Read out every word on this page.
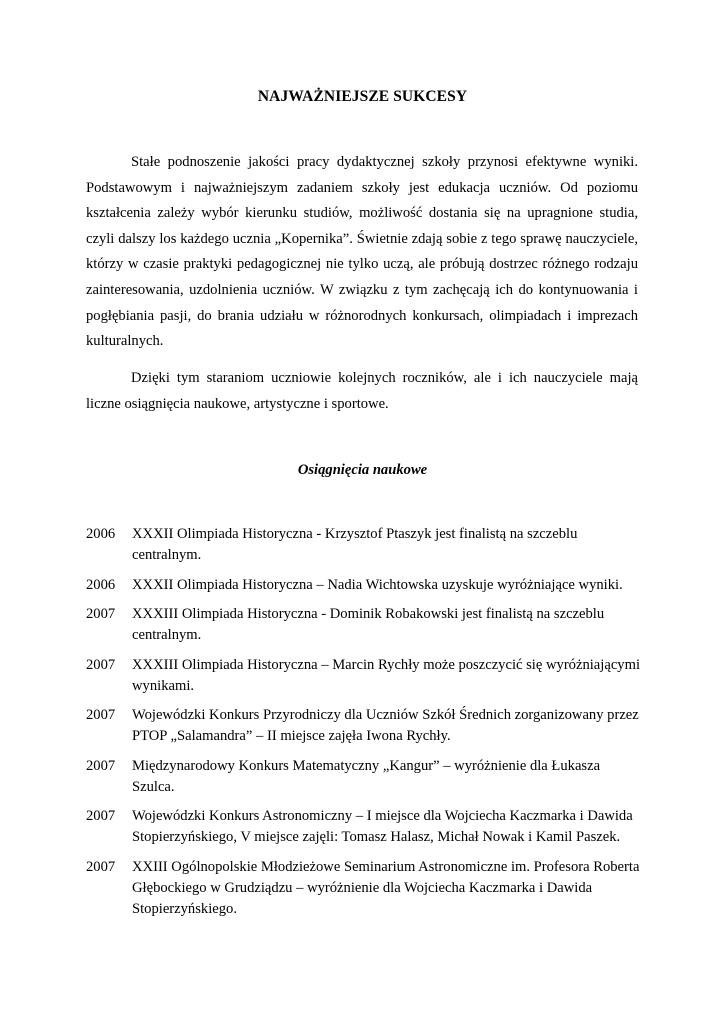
NAJWAŻNIEJSZE SUKCESY

Stałe podnoszenie jakości pracy dydaktycznej szkoły przynosi efektywne wyniki. Podstawowym i najważniejszym zadaniem szkoły jest edukacja uczniów. Od poziomu kształcenia zależy wybór kierunku studiów, możliwość dostania się na upragnione studia, czyli dalszy los każdego ucznia „Kopernika”. Świetnie zdają sobie z tego sprawę nauczyciele, którzy w czasie praktyki pedagogicznej nie tylko uczą, ale próbują dostrzec różnego rodzaju zainteresowania, uzdolnienia uczniów. W związku z tym zachęcają ich do kontynuowania i pogłębiania pasji, do brania udziału w różnorodnych konkursach, olimpiadach i imprezach kulturalnych.

Dzięki tym staraniom uczniowie kolejnych roczników, ale i ich nauczyciele mają liczne osiągnięcia naukowe, artystyczne i sportowe.

Osiągnięcia naukowe
2006	XXXII Olimpiada Historyczna - Krzysztof Ptaszyk jest finalistą na szczeblu centralnym.
2006	XXXII Olimpiada Historyczna – Nadia Wichtowska uzyskuje wyróżniające wyniki.
2007	XXXIII Olimpiada Historyczna - Dominik Robakowski jest finalistą na szczeblu centralnym.
2007	XXXIII Olimpiada Historyczna – Marcin Rychły może poszczycić się wyróżniającymi wynikami.
2007	Wojewódzki Konkurs Przyrodniczy dla Uczniów Szkół Średnich zorganizowany przez PTOP „Salamandra” – II miejsce zajęła Iwona Rychły.
2007	Międzynarodowy Konkurs Matematyczny „Kangur” – wyróżnienie dla Łukasza Szulca.
2007	Wojewódzki Konkurs Astronomiczny – I miejsce dla Wojciecha Kaczmarka i Dawida Stopierzyńskiego, V miejsce zajęli: Tomasz Halasz, Michał Nowak i Kamil Paszek.
2007	XXIII Ogólnopolskie Młodzieżowe Seminarium Astronomiczne im. Profesora Roberta Głębockiego w Grudziądzu – wyróżnienie dla Wojciecha Kaczmarka i Dawida Stopierzyńskiego.
